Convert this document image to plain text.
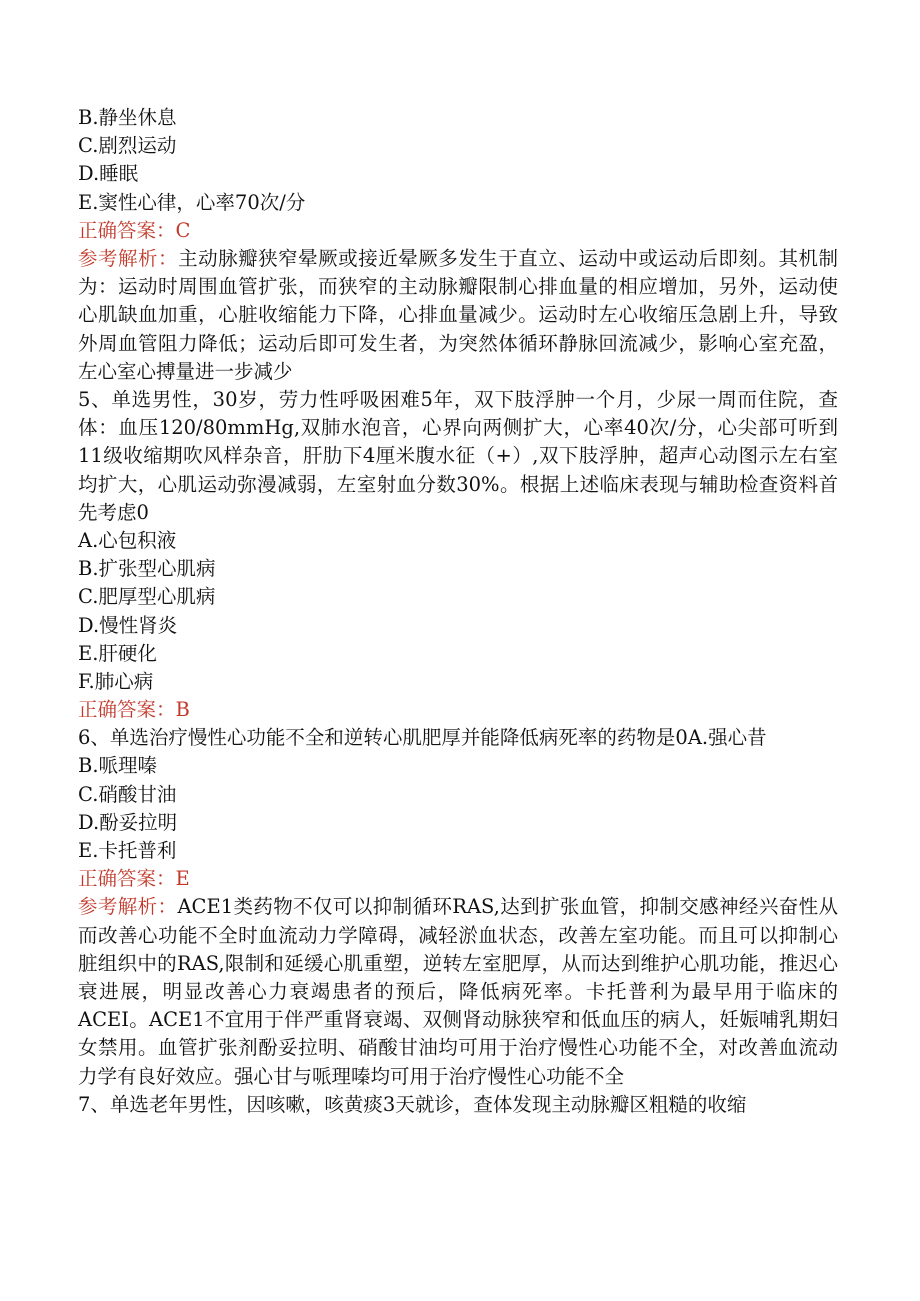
B.静坐休息
C.剧烈运动
D.睡眠
E.窦性心律，心率70次/分
正确答案：C
参考解析：主动脉瓣狭窄晕厥或接近晕厥多发生于直立、运动中或运动后即刻。其机制为：运动时周围血管扩张，而狭窄的主动脉瓣限制心排血量的相应增加，另外，运动使心肌缺血加重，心脏收缩能力下降，心排血量减少。运动时左心收缩压急剧上升，导致外周血管阻力降低；运动后即可发生者，为突然体循环静脉回流减少，影响心室充盈，左心室心搏量进一步减少
5、单选男性，30岁，劳力性呼吸困难5年，双下肢浮肿一个月，少尿一周而住院，查体：血压120/80mmHg,双肺水泡音，心界向两侧扩大，心率40次/分，心尖部可听到11级收缩期吹风样杂音，肝肋下4厘米腹水征（+）,双下肢浮肿，超声心动图示左右室均扩大，心肌运动弥漫减弱，左室射血分数30%。根据上述临床表现与辅助检查资料首先考虑0
A.心包积液
B.扩张型心肌病
C.肥厚型心肌病
D.慢性肾炎
E.肝硬化
F.肺心病
正确答案：B
6、单选治疗慢性心功能不全和逆转心肌肥厚并能降低病死率的药物是0A.强心昔
B.哌理嗪
C.硝酸甘油
D.酚妥拉明
E.卡托普利
正确答案：E
参考解析：ACE1类药物不仅可以抑制循环RAS,达到扩张血管，抑制交感神经兴奋性从而改善心功能不全时血流动力学障碍，减轻淤血状态，改善左室功能。而且可以抑制心脏组织中的RAS,限制和延缓心肌重塑，逆转左室肥厚，从而达到维护心肌功能，推迟心衰进展，明显改善心力衰竭患者的预后，降低病死率。卡托普利为最早用于临床的ACEI。ACE1不宜用于伴严重肾衰竭、双侧肾动脉狭窄和低血压的病人，妊娠哺乳期妇女禁用。血管扩张剂酚妥拉明、硝酸甘油均可用于治疗慢性心功能不全，对改善血流动力学有良好效应。强心甘与哌理嗪均可用于治疗慢性心功能不全
7、单选老年男性，因咳嗽，咳黄痰3天就诊，查体发现主动脉瓣区粗糙的收缩
